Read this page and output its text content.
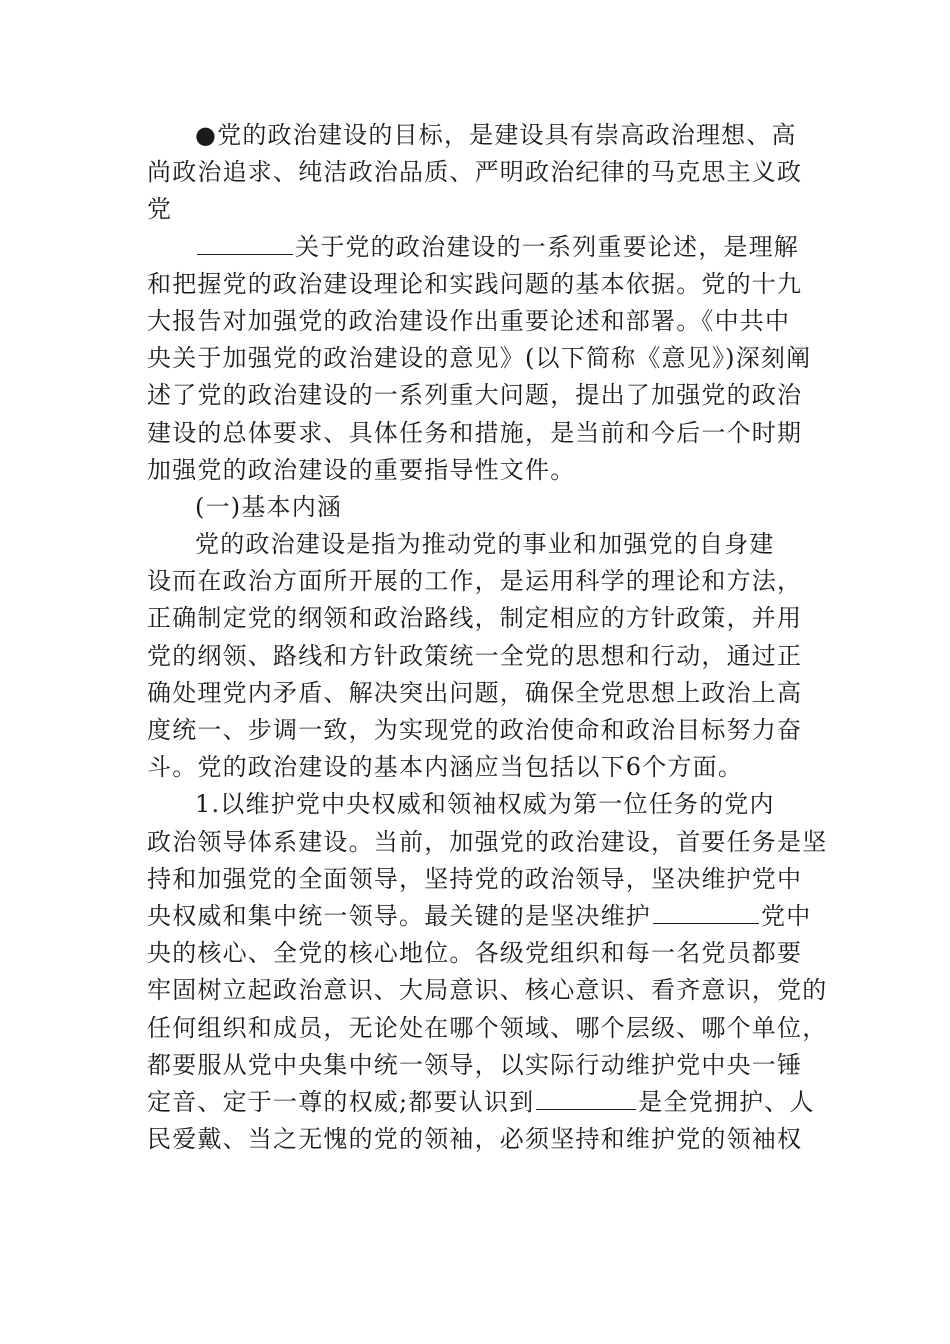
●党的政治建设的目标，是建设具有崇高政治理想、高
尚政治追求、纯洁政治品质、严明政治纪律的马克思主义政
党
关于党的政治建设的一系列重要论述，是理解
和把握党的政治建设理论和实践问题的基本依据。党的十九
大报告对加强党的政治建设作出重要论述和部署。《中共中
央关于加强党的政治建设的意见》(以下简称《意见》)深刻阐
述了党的政治建设的一系列重大问题，提出了加强党的政治
建设的总体要求、具体任务和措施，是当前和今后一个时期
加强党的政治建设的重要指导性文件。
(一)基本内涵
党的政治建设是指为推动党的事业和加强党的自身建
设而在政治方面所开展的工作，是运用科学的理论和方法，
正确制定党的纲领和政治路线，制定相应的方针政策，并用
党的纲领、路线和方针政策统一全党的思想和行动，通过正
确处理党内矛盾、解决突出问题，确保全党思想上政治上高
度统一、步调一致，为实现党的政治使命和政治目标努力奋
斗。党的政治建设的基本内涵应当包括以下6个方面。
1.以维护党中央权威和领袖权威为第一位任务的党内
政治领导体系建设。当前，加强党的政治建设，首要任务是坚
持和加强党的全面领导，坚持党的政治领导，坚决维护党中
央权威和集中统一领导。最关键的是坚决维护	党中
央的核心、全党的核心地位。各级党组织和每一名党员都要
牢固树立起政治意识、大局意识、核心意识、看齐意识，党的
任何组织和成员，无论处在哪个领域、哪个层级、哪个单位，
都要服从党中央集中统一领导，以实际行动维护党中央一锤
定音、定于一尊的权威;都要认识到	是全党拥护、人
民爱戴、当之无愧的党的领袖，必须坚持和维护党的领袖权
